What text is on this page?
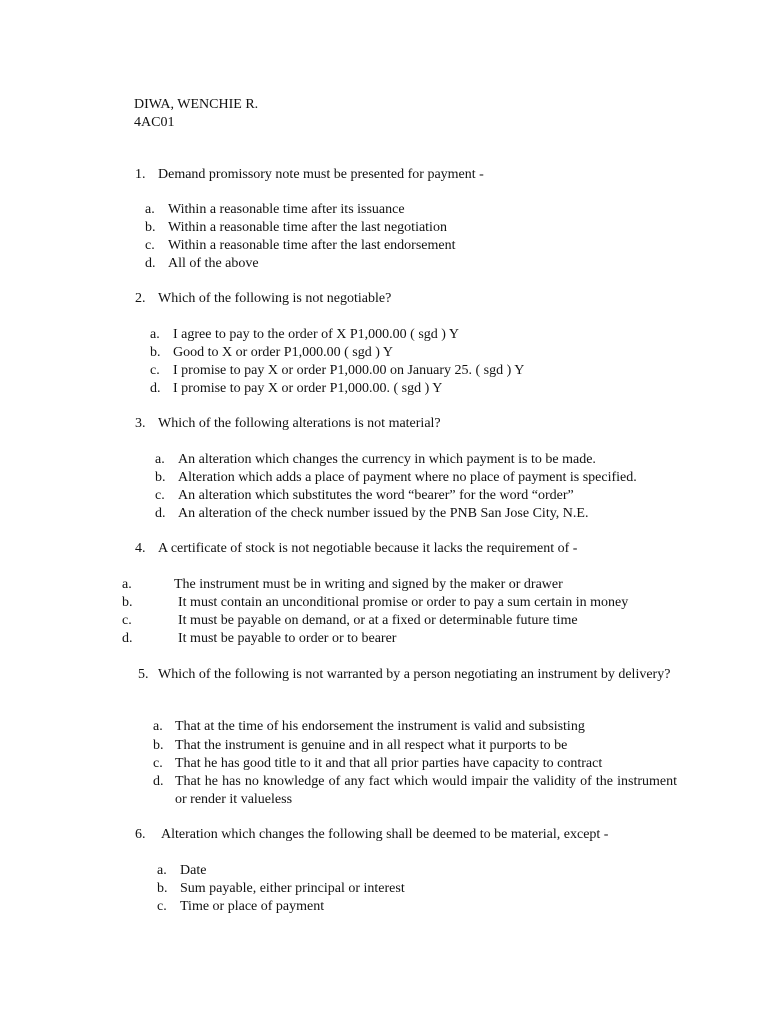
DIWA, WENCHIE R.
4AC01
1. Demand promissory note must be presented for payment -
a. Within a reasonable time after its issuance
b. Within a reasonable time after the last negotiation
c. Within a reasonable time after the last endorsement
d. All of the above
2. Which of the following is not negotiable?
a. I agree to pay to the order of X P1,000.00 ( sgd ) Y
b. Good to X or order P1,000.00 ( sgd ) Y
c. I promise to pay X or order P1,000.00 on January 25. ( sgd ) Y
d. I promise to pay X or order P1,000.00. ( sgd ) Y
3. Which of the following alterations is not material?
a. An alteration which changes the currency in which payment is to be made.
b. Alteration which adds a place of payment where no place of payment is specified.
c. An alteration which substitutes the word “bearer” for the word “order”
d. An alteration of the check number issued by the PNB San Jose City, N.E.
4. A certificate of stock is not negotiable because it lacks the requirement of -
a.	The instrument must be in writing and signed by the maker or drawer
b.	It must contain an unconditional promise or order to pay a sum certain in money
c.	It must be payable on demand, or at a fixed or determinable future time
d.	It must be payable to order or to bearer
5. Which of the following is not warranted by a person negotiating an instrument by delivery?
a. That at the time of his endorsement the instrument is valid and subsisting
b. That the instrument is genuine and in all respect what it purports to be
c. That he has good title to it and that all prior parties have capacity to contract
d. That he has no knowledge of any fact which would impair the validity of the instrument or render it valueless
6. Alteration which changes the following shall be deemed to be material, except -
a. Date
b. Sum payable, either principal or interest
c. Time or place of payment
